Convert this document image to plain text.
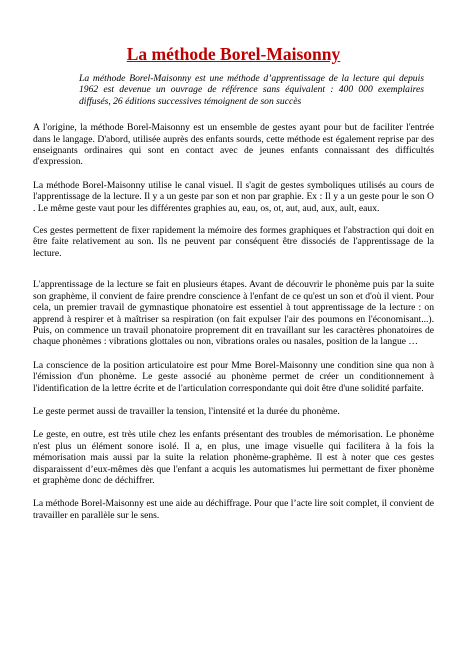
La méthode Borel-Maisonny

La méthode Borel-Maisonny est une méthode d’apprentissage de la lecture qui depuis 1962 est devenue un ouvrage de référence sans équivalent : 400 000 exemplaires diffusés, 26 éditions successives témoignent de son succès

A l'origine, la méthode Borel-Maisonny est un ensemble de gestes ayant pour but de faciliter l'entrée dans le langage. D'abord, utilisée auprès des enfants sourds, cette méthode est également reprise par des enseignants ordinaires qui sont en contact avec de jeunes enfants connaissant des difficultés d'expression.

La méthode Borel-Maisonny utilise le canal visuel. Il s'agit de gestes symboliques utilisés au cours de l'apprentissage de la lecture. Il y a un geste par son et non par graphie. Ex : Il y a un geste pour le son O . Le même geste vaut pour les différentes graphies au, eau, os, ot, aut, aud, aux, ault, eaux.

Ces gestes permettent de fixer rapidement la mémoire des formes graphiques et l'abstraction qui doit en être faite relativement au son. Ils ne peuvent par conséquent être dissociés de l'apprentissage de la lecture.

L'apprentissage de la lecture se fait en plusieurs étapes. Avant de découvrir le phonème puis par la suite son graphème, il convient de faire prendre conscience à l'enfant de ce qu'est un son et d'où il vient. Pour cela, un premier travail de gymnastique phonatoire est essentiel à tout apprentissage de la lecture : on apprend à respirer et à maîtriser sa respiration (on fait expulser l'air des poumons en l'économisant...). Puis, on commence un travail phonatoire proprement dit en travaillant sur les caractères phonatoires de chaque phonèmes : vibrations glottales ou non, vibrations orales ou nasales, position de la langue …

La conscience de la position articulatoire est pour Mme Borel-Maisonny une condition sine qua non à l'émission d'un phonème. Le geste associé au phonème permet de créer un conditionnement à l'identification de la lettre écrite et de l'articulation correspondante qui doit être d'une solidité parfaite.

Le geste permet aussi de travailler la tension, l'intensité et la durée du phonème.

Le geste, en outre, est très utile chez les enfants présentant des troubles de mémorisation. Le phonème n'est plus un élément sonore isolé. Il a, en plus, une image visuelle qui facilitera à la fois la mémorisation mais aussi par la suite la relation phonème-graphème. Il est à noter que ces gestes disparaissent d’eux-mêmes dès que l'enfant a acquis les automatismes lui permettant de fixer phonème et graphème donc de déchiffrer.

La méthode Borel-Maisonny est une aide au déchiffrage. Pour que l’acte lire soit complet, il convient de travailler en parallèle sur le sens.
